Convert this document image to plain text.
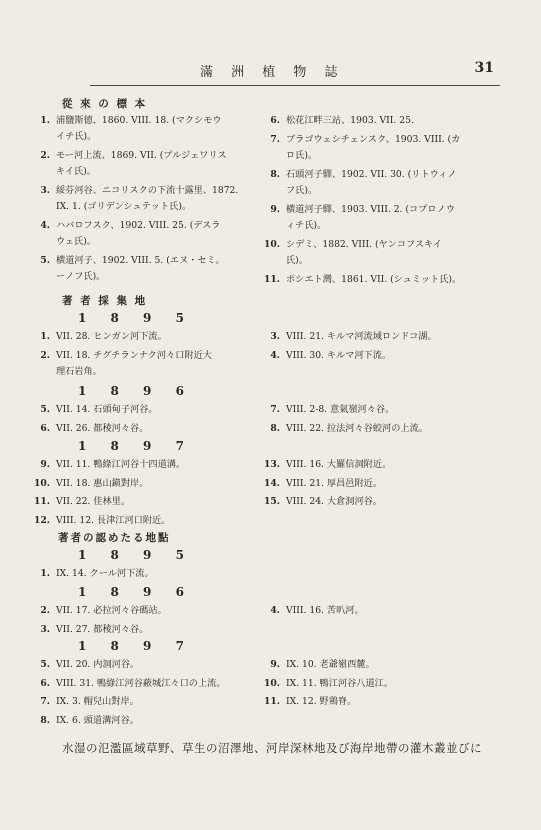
滿 洲 植 物 誌	31
從 來 の 標 本
1. 浦鹽斯德、1860. VIII. 18. (マクシモウ
イチ氏)。
2. モー河上流、1869. VII. (プルジェワリス
キイ氏)。
3. 綏芬河谷、ニコリスクの下流十露里、1872.
IX. 1. (ゴリデンシュテット氏)。
4. ハバロフスク、1902. VIII. 25. (デスラ
ウェ氏)。
5. 横道河子、1902. VIII. 5. (エヌ・セミ。
ーノフ氏)。
6. 松花江畔三站、1903. VII. 25.
7. ブラゴウェシチェンスク、1903. VIII. (カ
ロ氏)。
8. 石頭河子驛、1902. VII. 30. (リトウィノ
フ氏)。
9. 横道河子驛、1903. VIII. 2. (コプロノウ
ィチ氏)。
10. シデミ、1882. VIII. (ヤンコフスキイ
氏)。
11. ポシエト灣、1861. VII. (シュミット氏)。
著 者 採 集 地
1 8 9 5
1. VII. 28. ヒンガン河下流。
2. VII. 18. チグチランナク河々口附近大
理石岩角。
3. VIII. 21. キルマ河流域ロンドコ湖。
4. VIII. 30. キルマ河下流。
1 8 9 6
5. VII. 14. 石頭甸子河谷。
6. VII. 26. 都稜河々谷。
7. VIII. 2-8. 意氣嶺河々谷。
8. VIII. 22. 拉法河々谷蛟河の上流。
1 8 9 7
9. VII. 11. 鴨綠江河谷十四道溝。
10. VII. 18. 惠山鎭對岸。
11. VII. 22. 佳林里。
12. VIII. 12. 長津江河口附近。
13. VIII. 16. 大羅信洞附近。
14. VIII. 21. 厚昌邑附近。
15. VIII. 24. 大倉洞河谷。
著者の認めたる地點
1 8 9 5
1. IX. 14. クール河下流。
1 8 9 6
2. VII. 17. 必拉河々谷碼站。
3. VII. 27. 都稜河々谷。
4. VIII. 16. 苦叭河。
1 8 9 7
5. VII. 20. 内洞河谷。
6. VIII. 31. 鴨綠江河谷蔽城江々口の上流。
7. IX. 3. 帽兒山對岸。
8. IX. 6. 頭道溝河谷。
9. IX. 10. 老爺嶺西麓。
10. IX. 11. 鴨江河谷八道江。
11. IX. 12. 野鶏脊。
水湿の氾濫區域草野、草生の沼澤地、河岸深林地及び海岸地帶の灌木叢並びに
